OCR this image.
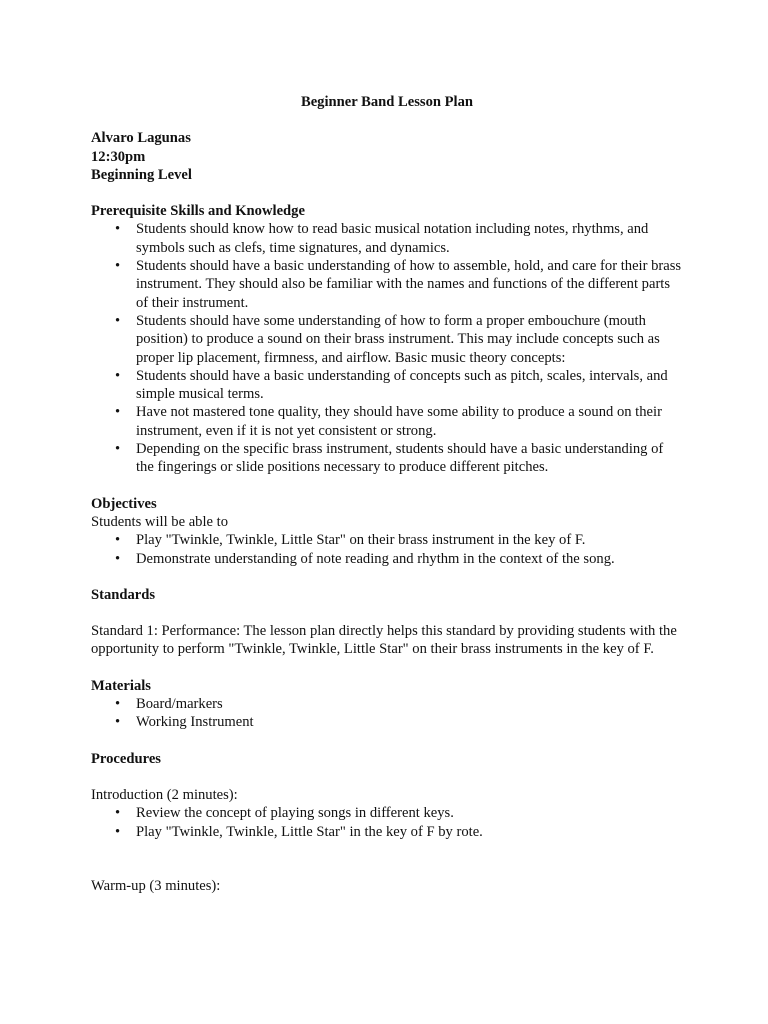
Beginner Band Lesson Plan

Alvaro Lagunas
12:30pm
Beginning Level

Prerequisite Skills and Knowledge

• Students should know how to read basic musical notation including notes, rhythms, and symbols such as clefs, time signatures, and dynamics.
• Students should have a basic understanding of how to assemble, hold, and care for their brass instrument. They should also be familiar with the names and functions of the different parts of their instrument.
• Students should have some understanding of how to form a proper embouchure (mouth position) to produce a sound on their brass instrument. This may include concepts such as proper lip placement, firmness, and airflow. Basic music theory concepts:
• Students should have a basic understanding of concepts such as pitch, scales, intervals, and simple musical terms.
• Have not mastered tone quality, they should have some ability to produce a sound on their instrument, even if it is not yet consistent or strong.
• Depending on the specific brass instrument, students should have a basic understanding of the fingerings or slide positions necessary to produce different pitches.

Objectives

Students will be able to

• Play "Twinkle, Twinkle, Little Star" on their brass instrument in the key of F.
• Demonstrate understanding of note reading and rhythm in the context of the song.

Standards

Standard 1: Performance: The lesson plan directly helps this standard by providing students with the opportunity to perform "Twinkle, Twinkle, Little Star" on their brass instruments in the key of F.

Materials

• Board/markers
• Working Instrument

Procedures

Introduction (2 minutes):

• Review the concept of playing songs in different keys.
• Play "Twinkle, Twinkle, Little Star" in the key of F by rote.

Warm-up (3 minutes):
